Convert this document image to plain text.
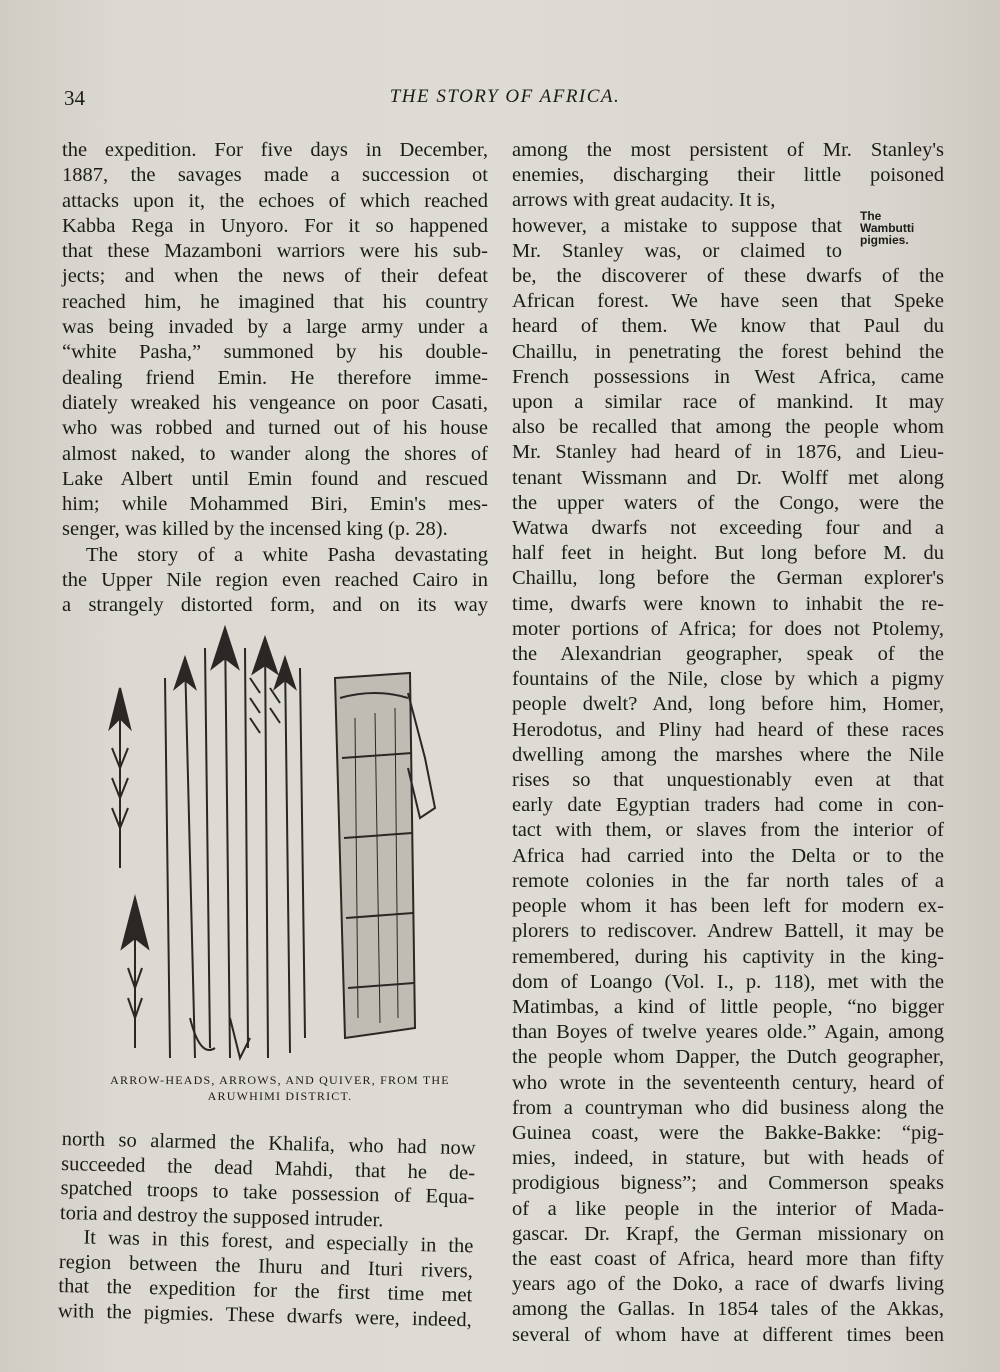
34	THE STORY OF AFRICA.
the expedition. For five days in December,
1887, the savages made a succession ot
attacks upon it, the echoes of which reached
Kabba Rega in Unyoro. For it so happened
that these Mazamboni warriors were his sub-
jects; and when the news of their defeat
reached him, he imagined that his country
was being invaded by a large army under a
“white Pasha,” summoned by his double-
dealing friend Emin. He therefore imme-
diately wreaked his vengeance on poor Casati,
who was robbed and turned out of his house
almost naked, to wander along the shores of
Lake Albert until Emin found and rescued
him; while Mohammed Biri, Emin's mes-
senger, was killed by the incensed king (p. 28).
The story of a white Pasha devastating
the Upper Nile region even reached Cairo in
a strangely distorted form, and on its way
ARROW-HEADS, ARROWS, AND QUIVER, FROM THE
ARUWHIMI DISTRICT.
north so alarmed the Khalifa, who had now
succeeded the dead Mahdi, that he de-
spatched troops to take possession of Equa-
toria and destroy the supposed intruder.
It was in this forest, and especially in the
region between the Ihuru and Ituri rivers,
that the expedition for the first time met
with the pigmies. These dwarfs were, indeed,
The
Wambutti
pigmies.
among the most persistent of Mr. Stanley's
enemies, discharging their little poisoned
arrows with great audacity. It is,
however, a mistake to suppose that
Mr. Stanley was, or claimed to
be, the discoverer of these dwarfs of the
African forest. We have seen that Speke
heard of them. We know that Paul du
Chaillu, in penetrating the forest behind the
French possessions in West Africa, came
upon a similar race of mankind. It may
also be recalled that among the people whom
Mr. Stanley had heard of in 1876, and Lieu-
tenant Wissmann and Dr. Wolff met along
the upper waters of the Congo, were the
Watwa dwarfs not exceeding four and a
half feet in height. But long before M. du
Chaillu, long before the German explorer's
time, dwarfs were known to inhabit the re-
moter portions of Africa; for does not Ptolemy,
the Alexandrian geographer, speak of the
fountains of the Nile, close by which a pigmy
people dwelt? And, long before him, Homer,
Herodotus, and Pliny had heard of these races
dwelling among the marshes where the Nile
rises so that unquestionably even at that
early date Egyptian traders had come in con-
tact with them, or slaves from the interior of
Africa had carried into the Delta or to the
remote colonies in the far north tales of a
people whom it has been left for modern ex-
plorers to rediscover. Andrew Battell, it may be
remembered, during his captivity in the king-
dom of Loango (Vol. I., p. 118), met with the
Matimbas, a kind of little people, “no bigger
than Boyes of twelve yeares olde.” Again, among
the people whom Dapper, the Dutch geographer,
who wrote in the seventeenth century, heard of
from a countryman who did business along the
Guinea coast, were the Bakke-Bakke: “pig-
mies, indeed, in stature, but with heads of
prodigious bigness”; and Commerson speaks
of a like people in the interior of Mada-
gascar. Dr. Krapf, the German missionary on
the east coast of Africa, heard more than fifty
years ago of the Doko, a race of dwarfs living
among the Gallas. In 1854 tales of the Akkas,
several of whom have at different times been
